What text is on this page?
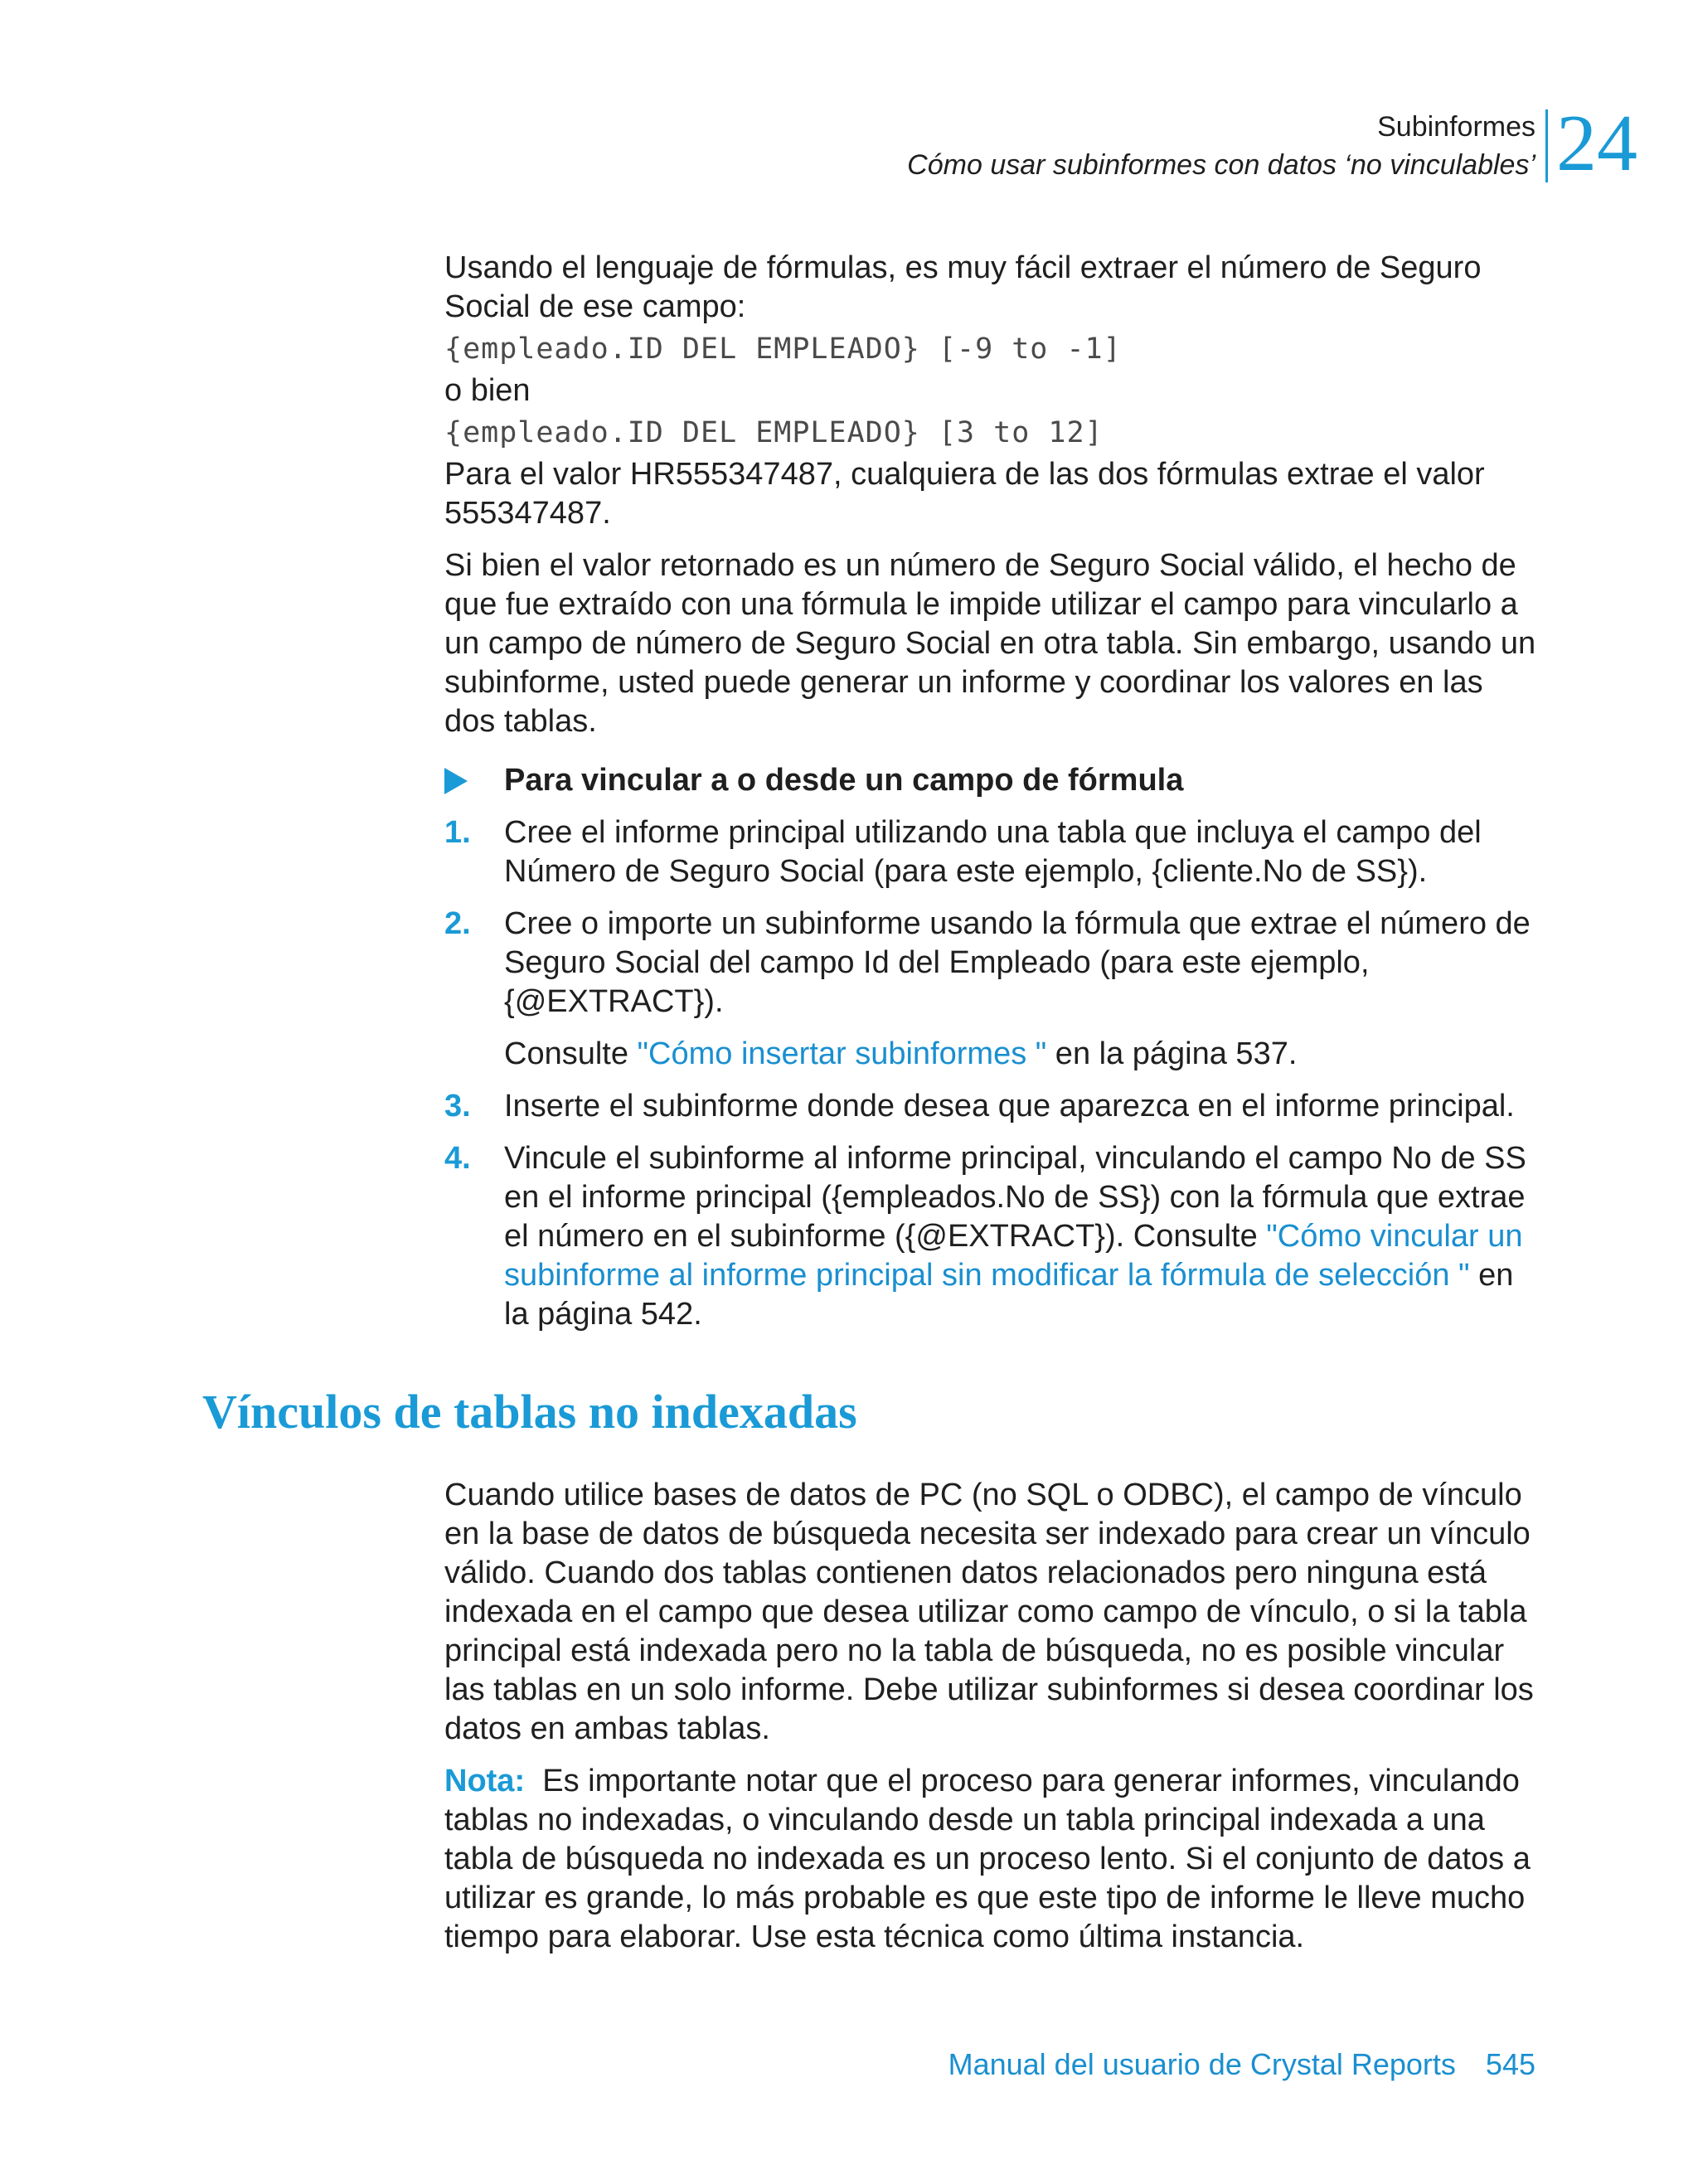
Subinformes
Cómo usar subinformes con datos ‘no vinculables’ 24

Usando el lenguaje de fórmulas, es muy fácil extraer el número de Seguro Social de ese campo:

{empleado.ID DEL EMPLEADO} [-9 to -1]

o bien

{empleado.ID DEL EMPLEADO} [3 to 12]

Para el valor HR555347487, cualquiera de las dos fórmulas extrae el valor 555347487.

Si bien el valor retornado es un número de Seguro Social válido, el hecho de que fue extraído con una fórmula le impide utilizar el campo para vincularlo a un campo de número de Seguro Social en otra tabla. Sin embargo, usando un subinforme, usted puede generar un informe y coordinar los valores en las dos tablas.

Para vincular a o desde un campo de fórmula
1. Cree el informe principal utilizando una tabla que incluya el campo del Número de Seguro Social (para este ejemplo, {cliente.No de SS}).
2. Cree o importe un subinforme usando la fórmula que extrae el número de Seguro Social del campo Id del Empleado (para este ejemplo, {@EXTRACT}).
Consulte "Cómo insertar subinformes " en la página 537.
3. Inserte el subinforme donde desea que aparezca en el informe principal.
4. Vincule el subinforme al informe principal, vinculando el campo No de SS en el informe principal ({empleados.No de SS}) con la fórmula que extrae el número en el subinforme ({@EXTRACT}). Consulte "Cómo vincular un subinforme al informe principal sin modificar la fórmula de selección " en la página 542.
Vínculos de tablas no indexadas

Cuando utilice bases de datos de PC (no SQL o ODBC), el campo de vínculo en la base de datos de búsqueda necesita ser indexado para crear un vínculo válido. Cuando dos tablas contienen datos relacionados pero ninguna está indexada en el campo que desea utilizar como campo de vínculo, o si la tabla principal está indexada pero no la tabla de búsqueda, no es posible vincular las tablas en un solo informe. Debe utilizar subinformes si desea coordinar los datos en ambas tablas.

Nota: Es importante notar que el proceso para generar informes, vinculando tablas no indexadas, o vinculando desde un tabla principal indexada a una tabla de búsqueda no indexada es un proceso lento. Si el conjunto de datos a utilizar es grande, lo más probable es que este tipo de informe le lleve mucho tiempo para elaborar. Use esta técnica como última instancia.

Manual del usuario de Crystal Reports 545
